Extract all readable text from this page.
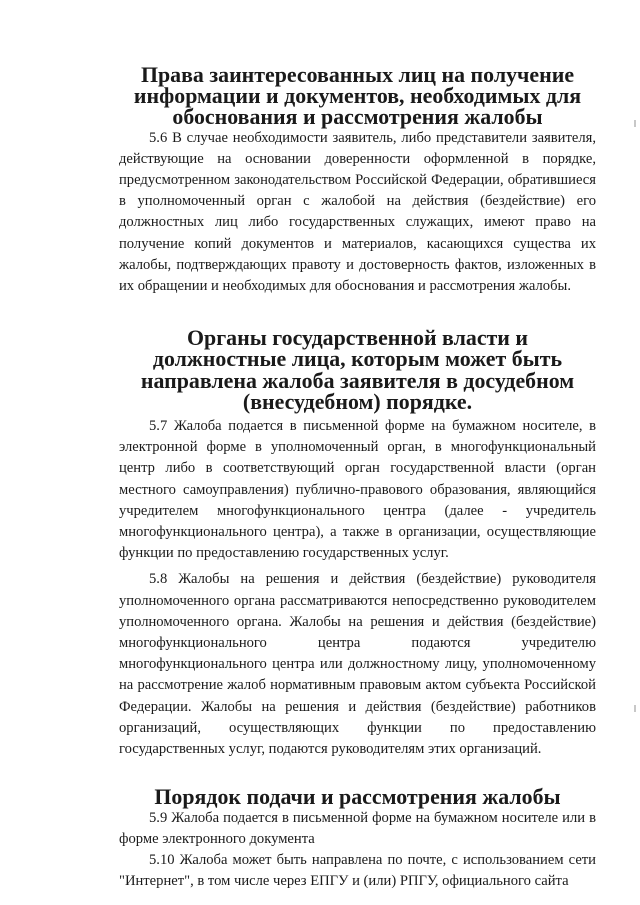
Права заинтересованных лиц на получение информации и документов, необходимых для обоснования и рассмотрения жалобы

5.6 В случае необходимости заявитель, либо представители заявителя, действующие на основании доверенности оформленной в порядке, предусмотренном законодательством Российской Федерации, обратившиеся в уполномоченный орган с жалобой на действия (бездействие) его должностных лиц либо государственных служащих, имеют право на получение копий документов и материалов, касающихся существа их жалобы, подтверждающих правоту и достоверность фактов, изложенных в их обращении и необходимых для обоснования и рассмотрения жалобы.

Органы государственной власти и должностные лица, которым может быть направлена жалоба заявителя в досудебном (внесудебном) порядке.

5.7 Жалоба подается в письменной форме на бумажном носителе, в электронной форме в уполномоченный орган, в многофункциональный центр либо в соответствующий орган государственной власти (орган местного самоуправления) публично-правового образования, являющийся учредителем многофункционального центра (далее - учредитель многофункционального центра), а также в организации, осуществляющие функции по предоставлению государственных услуг.

5.8 Жалобы на решения и действия (бездействие) руководителя уполномоченного органа рассматриваются непосредственно руководителем уполномоченного органа. Жалобы на решения и действия (бездействие) многофункционального центра подаются учредителю многофункционального центра или должностному лицу, уполномоченному на рассмотрение жалоб нормативным правовым актом субъекта Российской Федерации. Жалобы на решения и действия (бездействие) работников организаций, осуществляющих функции по предоставлению государственных услуг, подаются руководителям этих организаций.

Порядок подачи и рассмотрения жалобы

5.9 Жалоба подается в письменной форме на бумажном носителе или в форме электронного документа

5.10 Жалоба может быть направлена по почте, с использованием сети "Интернет", в том числе через ЕПГУ и (или) РПГУ, официального сайта
